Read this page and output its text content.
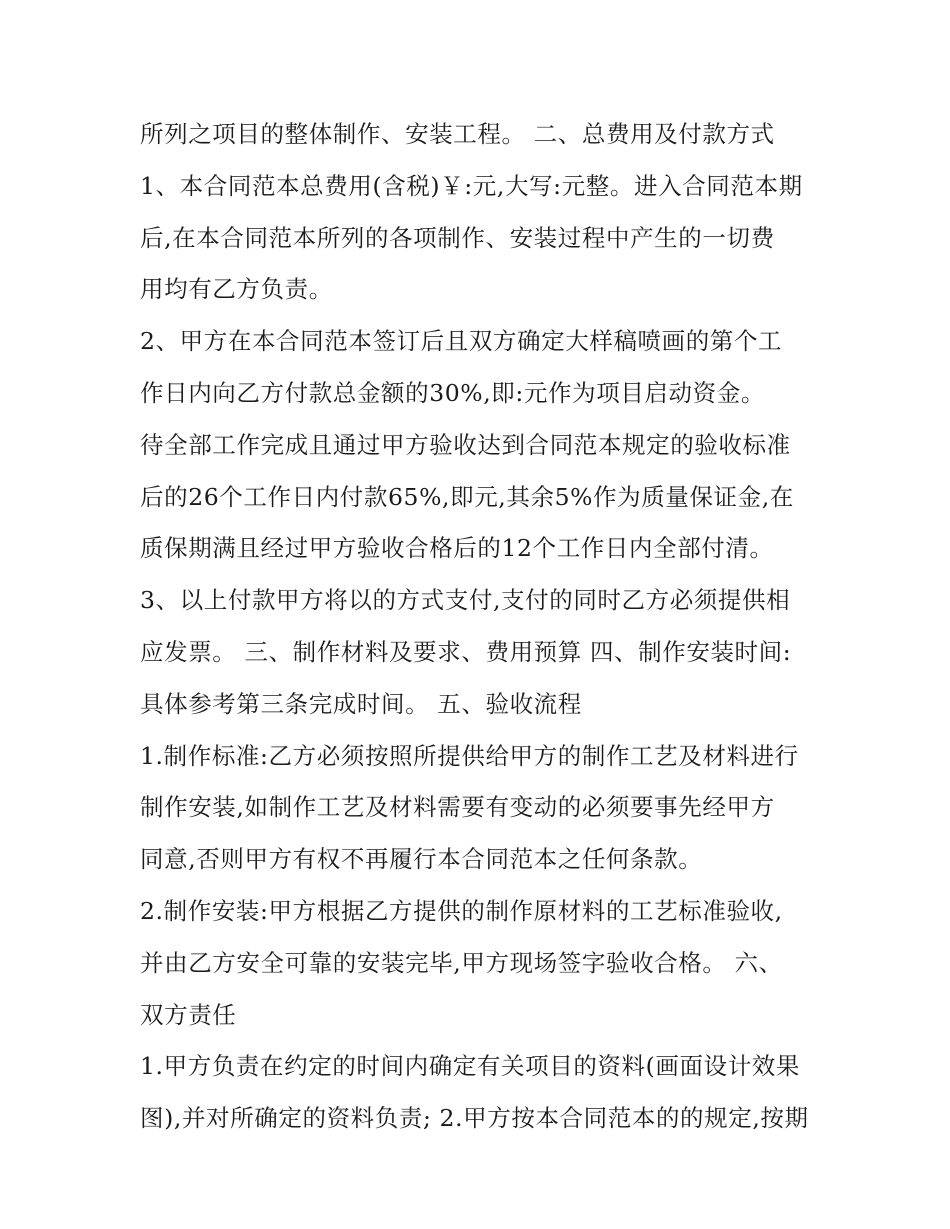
所列之项目的整体制作、安装工程。 二、总费用及付款方式
1、本合同范本总费用(含税)￥:元,大写:元整。进入合同范本期
后,在本合同范本所列的各项制作、安装过程中产生的一切费
用均有乙方负责。
2、甲方在本合同范本签订后且双方确定大样稿喷画的第个工
作日内向乙方付款总金额的30%,即:元作为项目启动资金。
待全部工作完成且通过甲方验收达到合同范本规定的验收标准
后的26个工作日内付款65%,即元,其余5%作为质量保证金,在
质保期满且经过甲方验收合格后的12个工作日内全部付清。
3、以上付款甲方将以的方式支付,支付的同时乙方必须提供相
应发票。 三、制作材料及要求、费用预算 四、制作安装时间:
具体参考第三条完成时间。 五、验收流程
1.制作标准:乙方必须按照所提供给甲方的制作工艺及材料进行
制作安装,如制作工艺及材料需要有变动的必须要事先经甲方
同意,否则甲方有权不再履行本合同范本之任何条款。
2.制作安装:甲方根据乙方提供的制作原材料的工艺标准验收,
并由乙方安全可靠的安装完毕,甲方现场签字验收合格。 六、
双方责任
1.甲方负责在约定的时间内确定有关项目的资料(画面设计效果
图),并对所确定的资料负责; 2.甲方按本合同范本的的规定,按期
